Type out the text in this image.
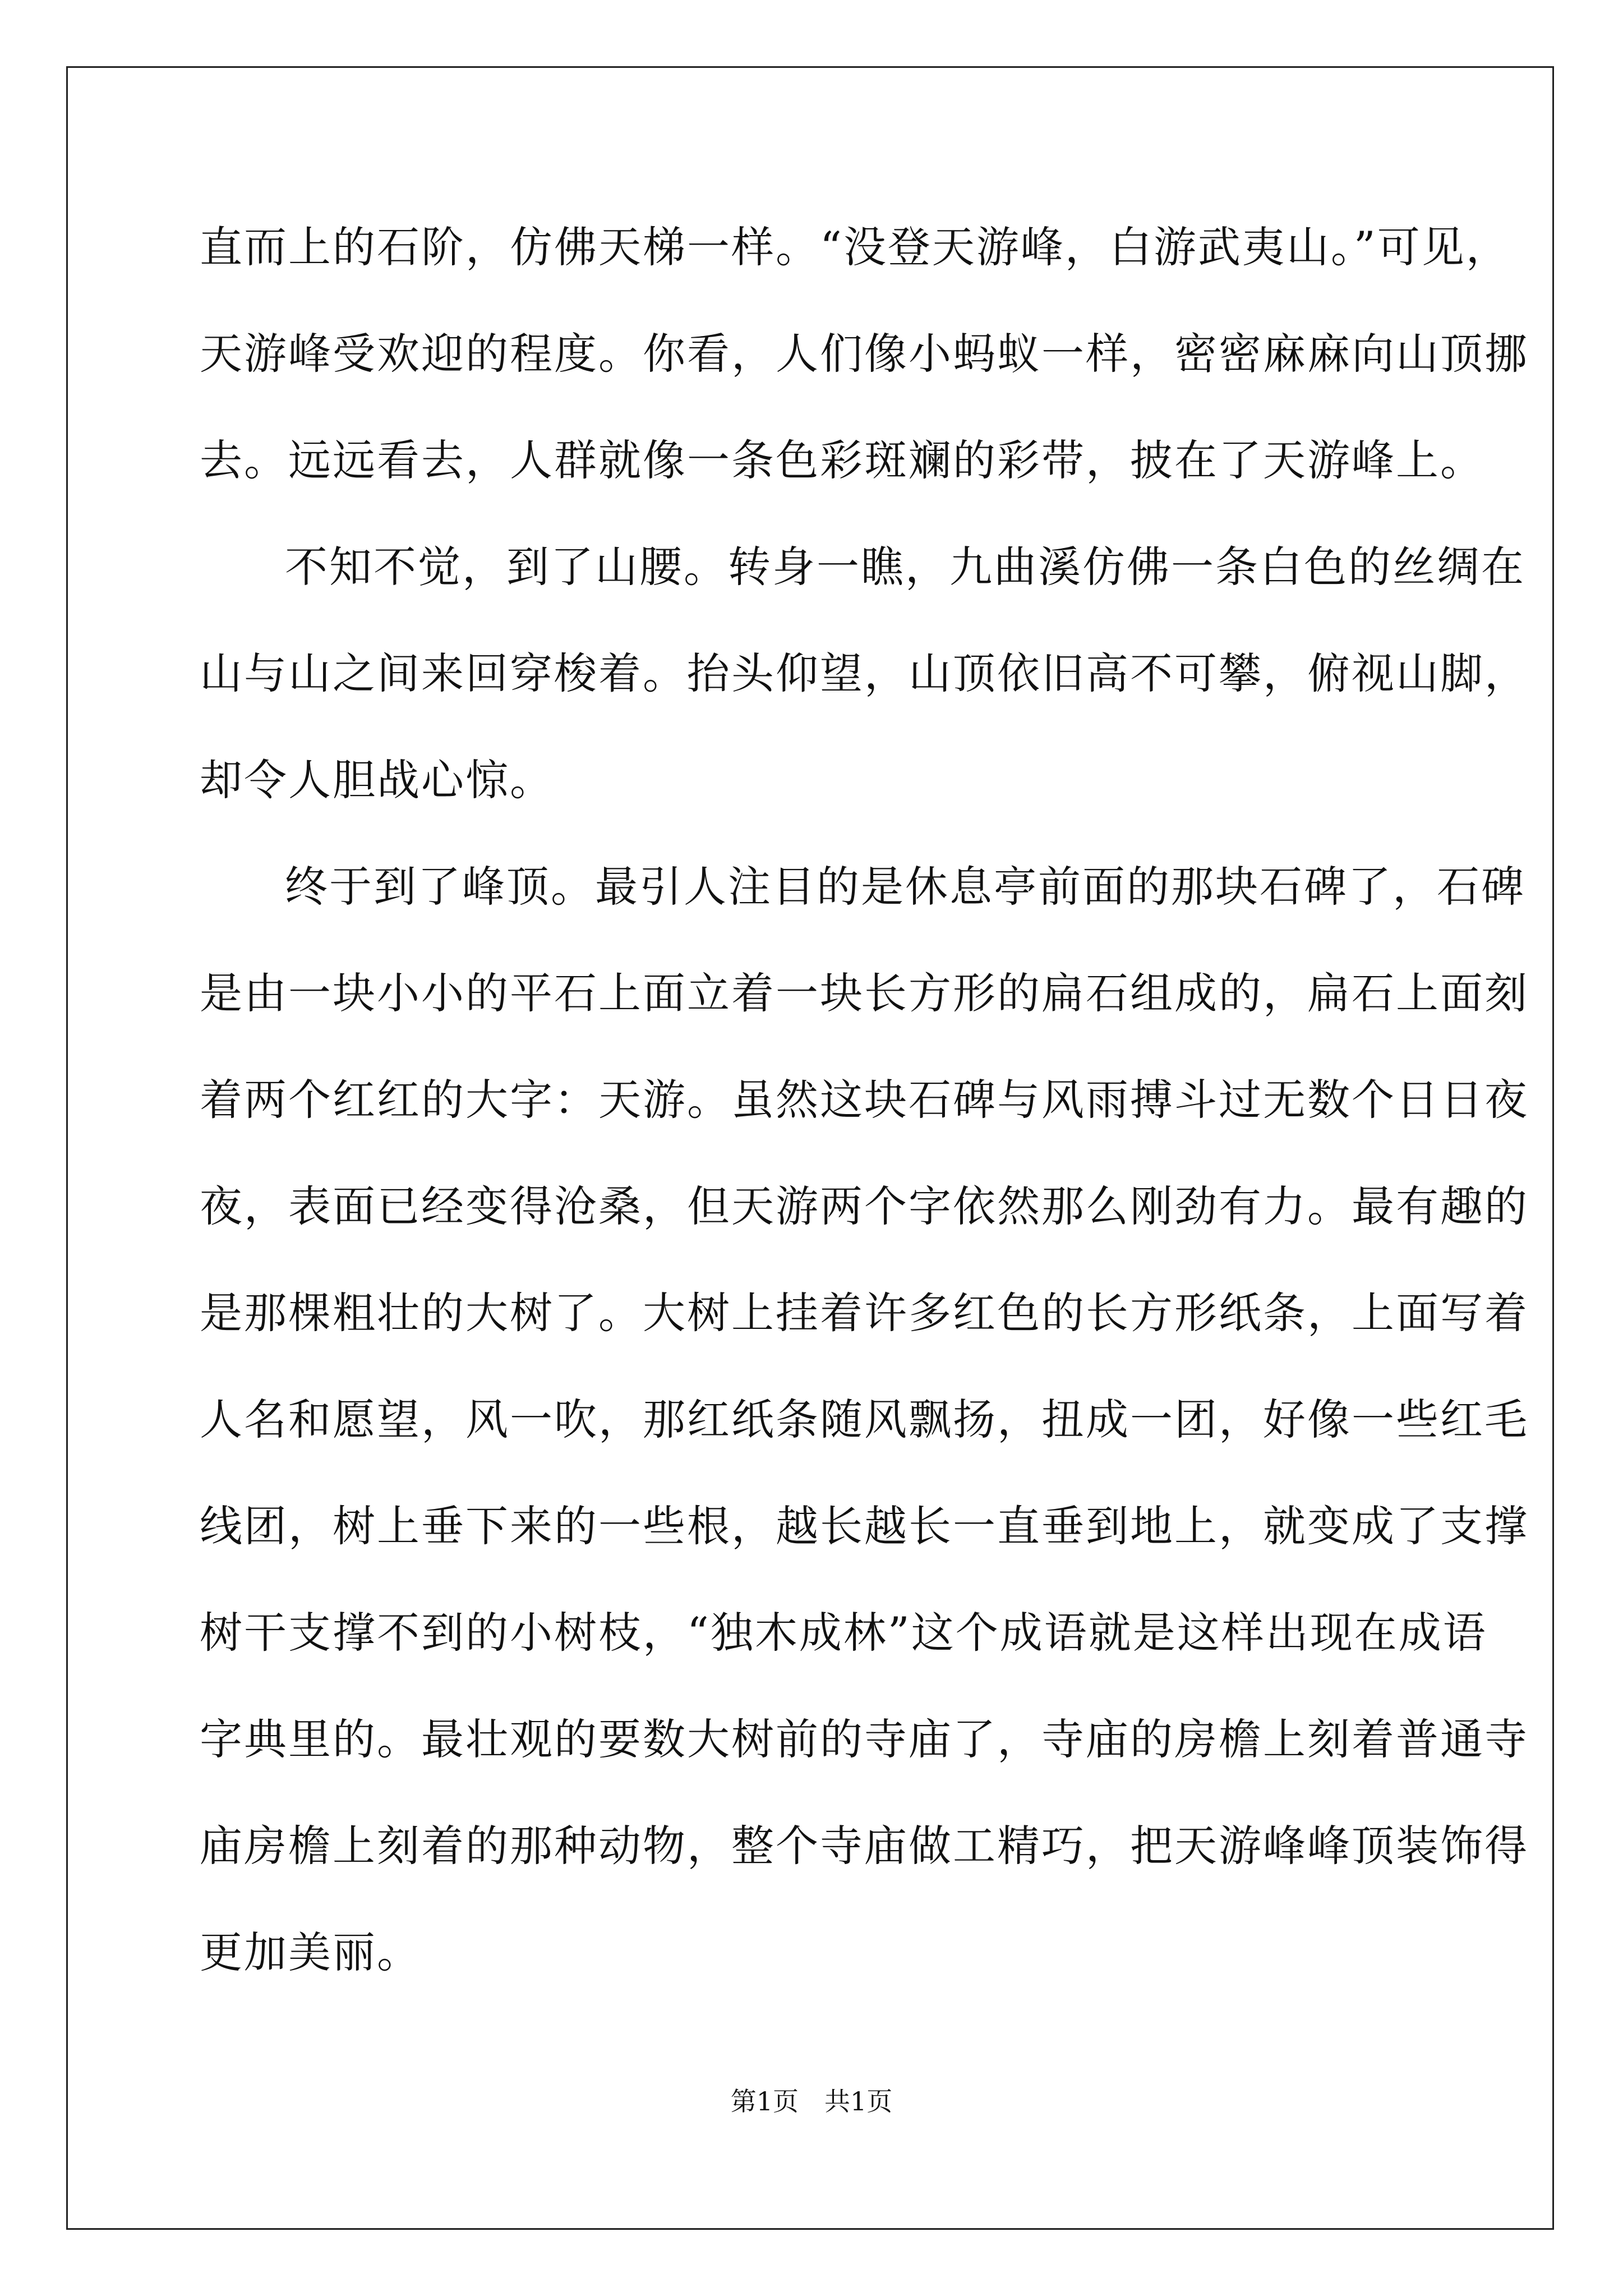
直而上的石阶，仿佛天梯一样。“没登天游峰，白游武夷山。”可见，
天游峰受欢迎的程度。你看，人们像小蚂蚁一样，密密麻麻向山顶挪
去。远远看去，人群就像一条色彩斑斓的彩带，披在了天游峰上。
不知不觉，到了山腰。转身一瞧，九曲溪仿佛一条白色的丝绸在
山与山之间来回穿梭着。抬头仰望，山顶依旧高不可攀，俯视山脚，
却令人胆战心惊。
终于到了峰顶。最引人注目的是休息亭前面的那块石碑了，石碑
是由一块小小的平石上面立着一块长方形的扁石组成的，扁石上面刻
着两个红红的大字：天游。虽然这块石碑与风雨搏斗过无数个日日夜
夜，表面已经变得沧桑，但天游两个字依然那么刚劲有力。最有趣的
是那棵粗壮的大树了。大树上挂着许多红色的长方形纸条，上面写着
人名和愿望，风一吹，那红纸条随风飘扬，扭成一团，好像一些红毛
线团，树上垂下来的一些根，越长越长一直垂到地上，就变成了支撑
树干支撑不到的小树枝，“独木成林”这个成语就是这样出现在成语
字典里的。最壮观的要数大树前的寺庙了，寺庙的房檐上刻着普通寺
庙房檐上刻着的那种动物，整个寺庙做工精巧，把天游峰峰顶装饰得
更加美丽。
第1页　共1页
